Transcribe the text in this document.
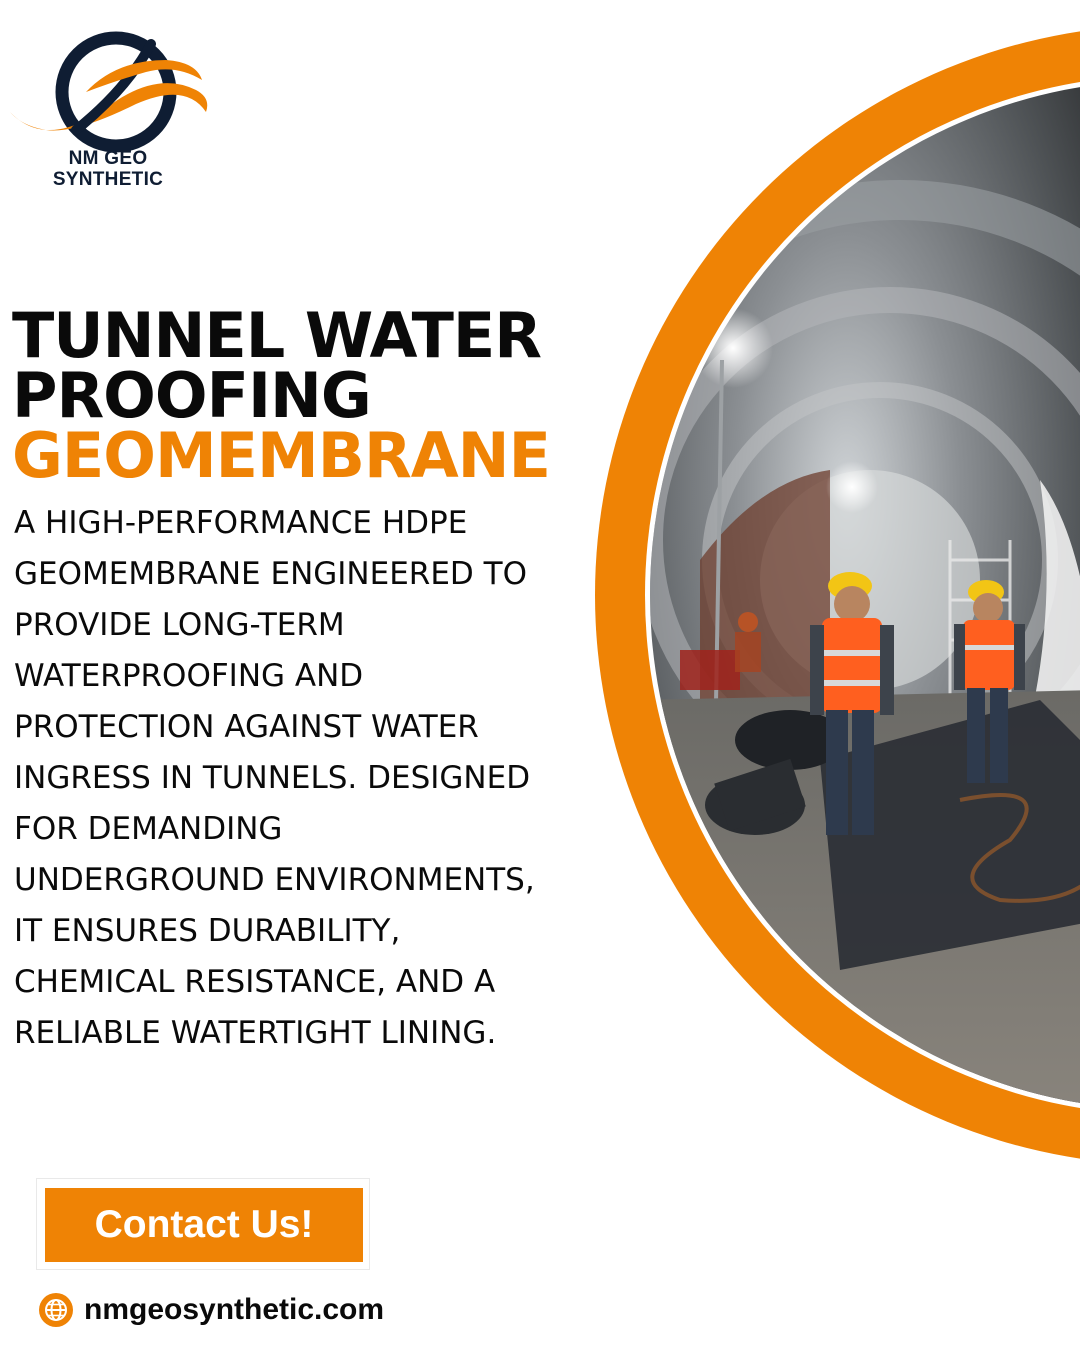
NM GEO
SYNTHETIC
TUNNEL WATER
PROOFING
GEOMEMBRANE
A HIGH-PERFORMANCE HDPE
GEOMEMBRANE ENGINEERED TO
PROVIDE LONG-TERM
WATERPROOFING AND
PROTECTION AGAINST WATER
INGRESS IN TUNNELS. DESIGNED
FOR DEMANDING
UNDERGROUND ENVIRONMENTS,
IT ENSURES DURABILITY,
CHEMICAL RESISTANCE, AND A
RELIABLE WATERTIGHT LINING.
Contact Us!
nmgeosynthetic.com
